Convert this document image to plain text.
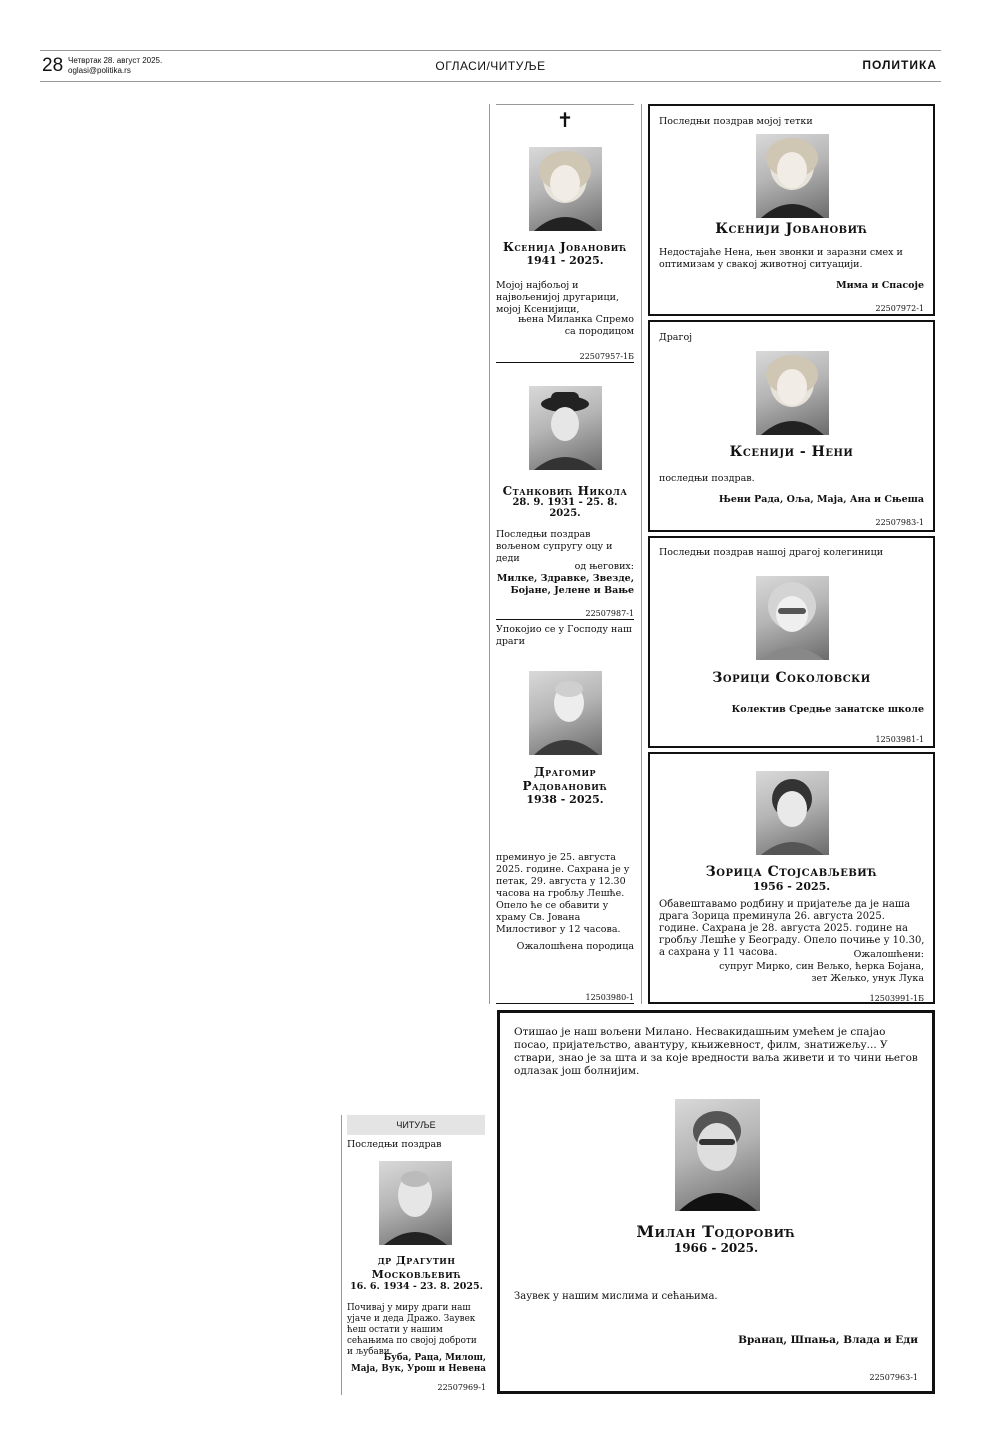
28 Четвртак 28. август 2025.
oglasi@politika.rs	ОГЛАСИ/ЧИТУЉЕ	ПОЛИТИКА
✝
Ксенија Јовановић
1941 - 2025.
Мојој најбољој и највољенијој другарици, мојој Ксенијици,
њена Миланка Спремо
са породицом
22507957-1Б
Станковић Никола
28. 9. 1931 - 25. 8. 2025.
Последњи поздрав вољеном супругу оцу и деди
од његових:
Милке, Здравке, Звезде,
Бојане, Јелене и Вање
22507987-1
Упокојио се у Господу наш драги
Драгомир
Радовановић
1938 - 2025.
преминуо је 25. августа 2025. године. Сахрана је у петак, 29. августа у 12.30 часова на гробљу Лешће. Опело ће се обавити у храму Св. Јована Милостивог у 12 часова.
Ожалошћена породица
12503980-1
Последњи поздрав мојој тетки
Ксенији Јовановић
Недостајаће Нена, њен звонки и заразни смех и оптимизам у свакој животној ситуацији.
Мима и Спасоје
22507972-1
Драгој
Ксенији - Нени
последњи поздрав.
Њени Рада, Оља, Маја, Ана и Сњеша
22507983-1
Последњи поздрав нашој драгој колегиници
Зорици Соколовски
Колектив Средње занатске школе
12503981-1
Зорица Стојсављевић
1956 - 2025.
Обавештавамо родбину и пријатеље да је наша драга Зорица преминула 26. августа 2025. године. Сахрана је 28. августа 2025. године на гробљу Лешће у Београду. Опело почиње у 10.30, а сахрана у 11 часова.	Ожалошћени:
супруг Мирко, син Вељко, ћерка Бојана,
зет Жељко, унук Лука
12503991-1Б
Отишао је наш вољени Милано. Несвакидашњим умећем је спајао посао, пријатељство, авантуру, књижевност, филм, знатижељу... У ствари, знао је за шта и за које вредности ваља живети и то чини његов одлазак још болнијим.
Милан Тодоровић
1966 - 2025.
Заувек у нашим мислима и сећањима.
Вранац, Шпања, Влада и Еди
22507963-1
ЧИТУЉЕ
Последњи поздрав
др Драгутин
Московљевић
16. 6. 1934 - 23. 8. 2025.
Почивај у миру драги наш ујаче и деда Дражо. Заувек ћеш остати у нашим сећањима по својој доброти и љубави.
Буба, Раца, Милош,
Маја, Вук, Урош и Невена
22507969-1
